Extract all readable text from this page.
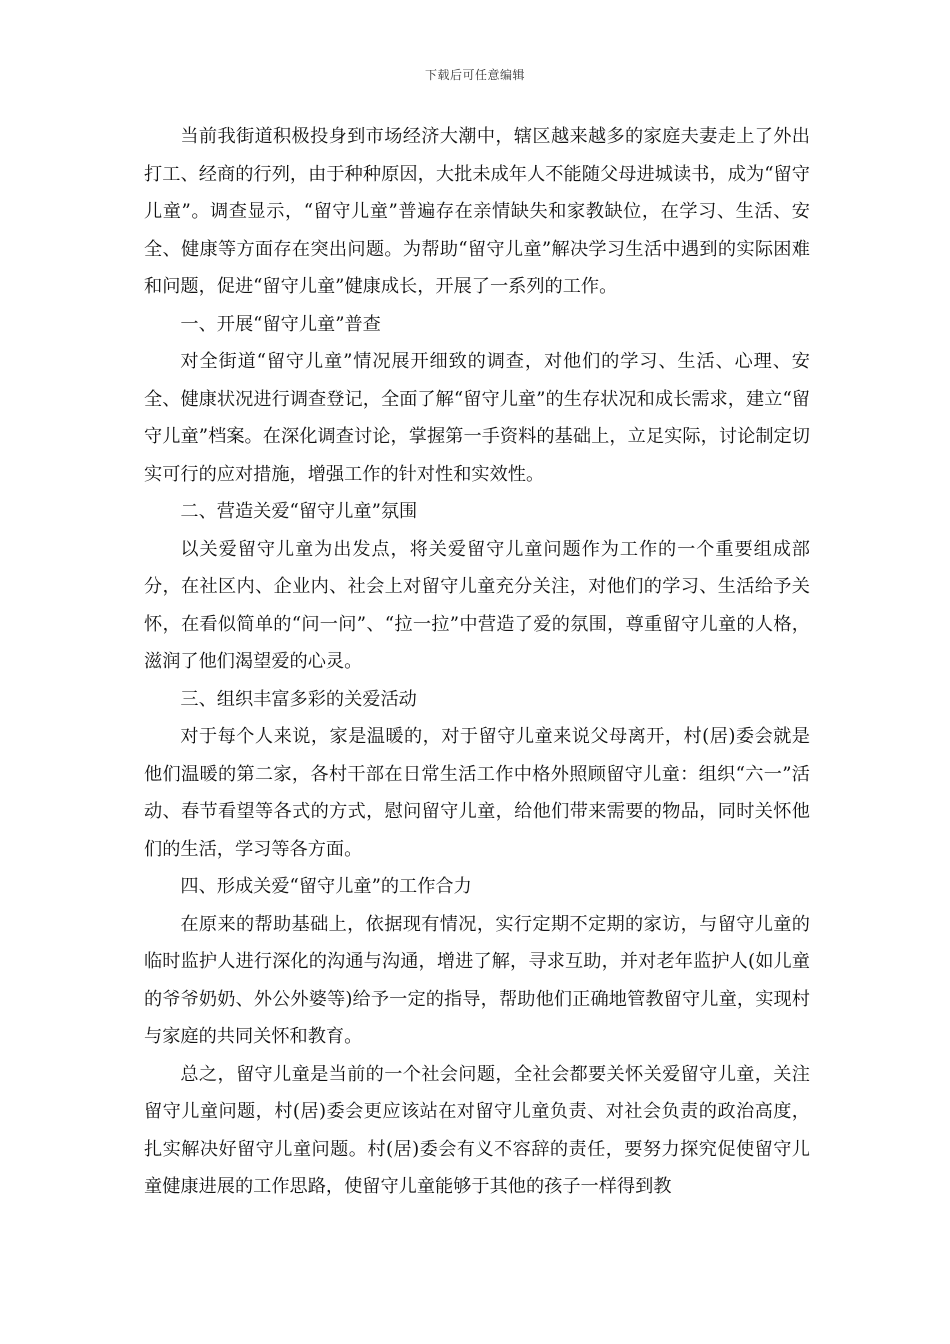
下载后可任意编辑

当前我街道积极投身到市场经济大潮中，辖区越来越多的家庭夫妻走上了外出打工、经商的行列，由于种种原因，大批未成年人不能随父母进城读书，成为“留守儿童”。调查显示，“留守儿童”普遍存在亲情缺失和家教缺位，在学习、生活、安全、健康等方面存在突出问题。为帮助“留守儿童”解决学习生活中遇到的实际困难和问题，促进“留守儿童”健康成长，开展了一系列的工作。

一、开展“留守儿童”普查

对全街道“留守儿童”情况展开细致的调查，对他们的学习、生活、心理、安全、健康状况进行调查登记，全面了解“留守儿童”的生存状况和成长需求，建立“留守儿童”档案。在深化调查讨论，掌握第一手资料的基础上，立足实际，讨论制定切实可行的应对措施，增强工作的针对性和实效性。

二、营造关爱“留守儿童”氛围

以关爱留守儿童为出发点，将关爱留守儿童问题作为工作的一个重要组成部分，在社区内、企业内、社会上对留守儿童充分关注，对他们的学习、生活给予关怀，在看似简单的“问一问”、“拉一拉”中营造了爱的氛围，尊重留守儿童的人格，滋润了他们渴望爱的心灵。

三、组织丰富多彩的关爱活动

对于每个人来说，家是温暖的，对于留守儿童来说父母离开，村(居)委会就是他们温暖的第二家，各村干部在日常生活工作中格外照顾留守儿童：组织“六一”活动、春节看望等各式的方式，慰问留守儿童，给他们带来需要的物品，同时关怀他们的生活，学习等各方面。

四、形成关爱“留守儿童”的工作合力

在原来的帮助基础上，依据现有情况，实行定期不定期的家访，与留守儿童的临时监护人进行深化的沟通与沟通，增进了解，寻求互助，并对老年监护人(如儿童的爷爷奶奶、外公外婆等)给予一定的指导，帮助他们正确地管教留守儿童，实现村与家庭的共同关怀和教育。

总之，留守儿童是当前的一个社会问题，全社会都要关怀关爱留守儿童，关注留守儿童问题，村(居)委会更应该站在对留守儿童负责、对社会负责的政治高度，扎实解决好留守儿童问题。村(居)委会有义不容辞的责任，要努力探究促使留守儿童健康进展的工作思路，使留守儿童能够于其他的孩子一样得到教
